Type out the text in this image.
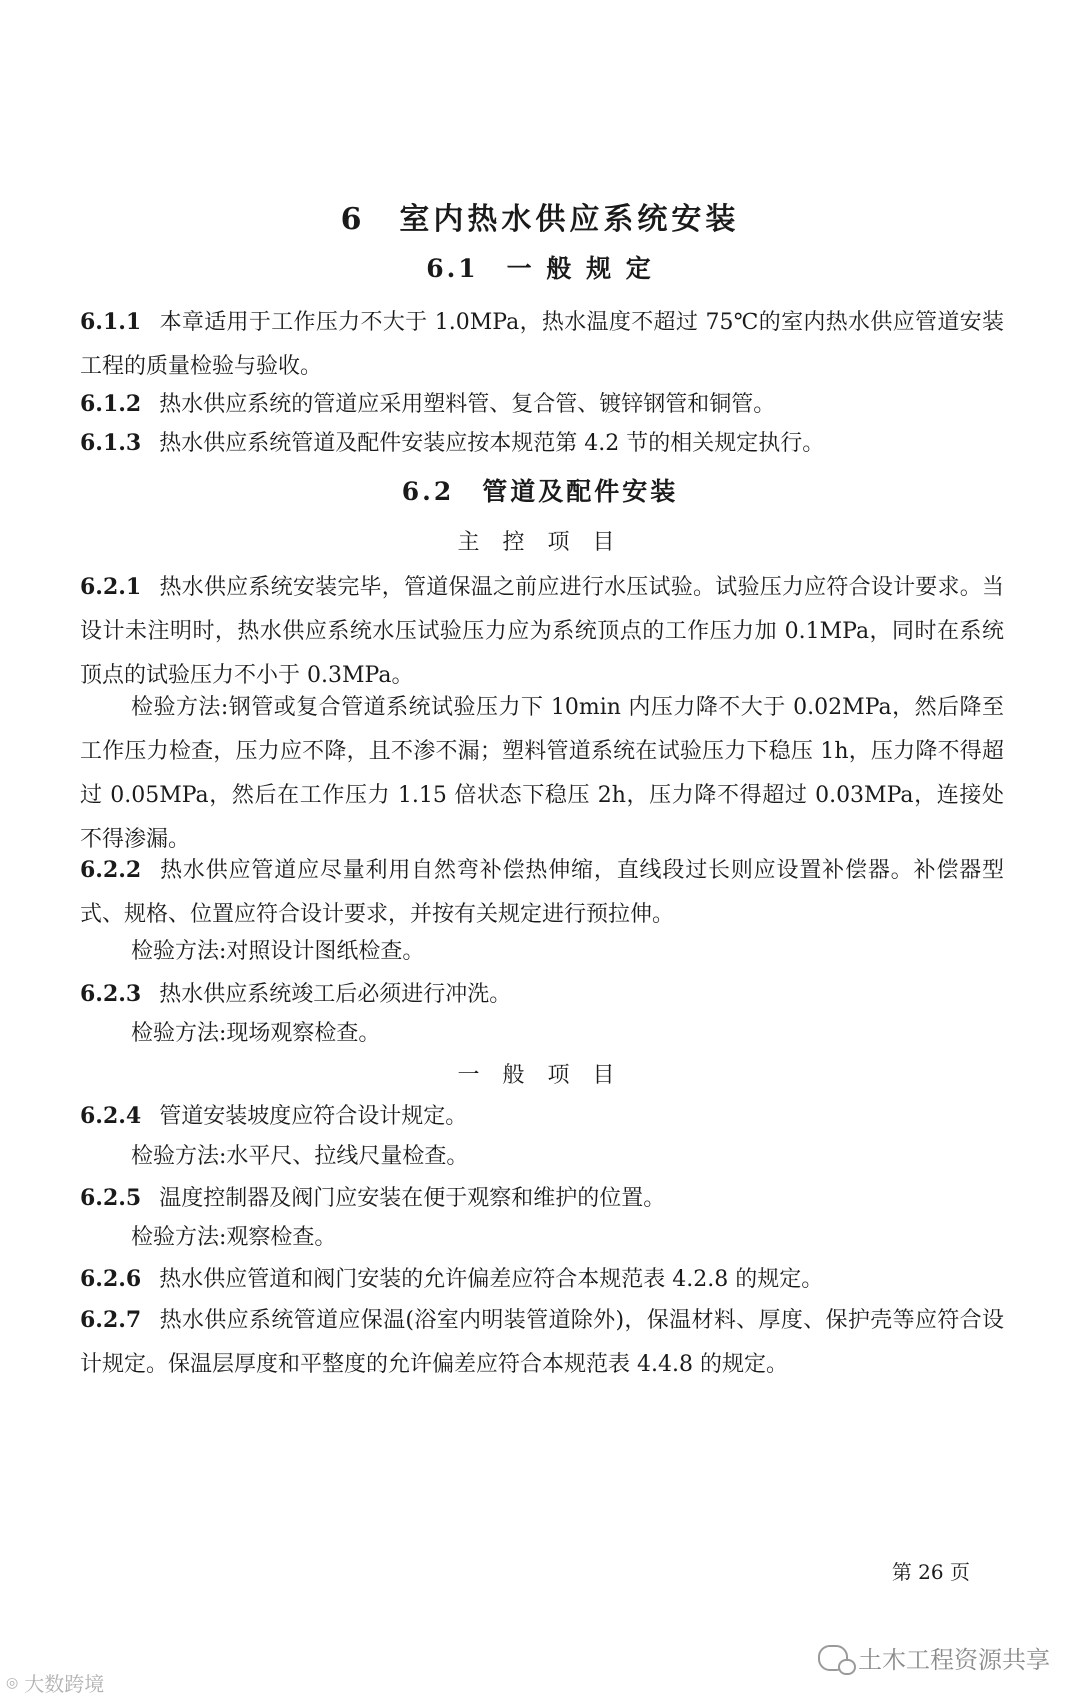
6　室内热水供应系统安装
6.1　一 般 规 定
6.1.1 本章适用于工作压力不大于 1.0MPa，热水温度不超过 75℃的室内热水供应管道安装工程的质量检验与验收。
6.1.2 热水供应系统的管道应采用塑料管、复合管、镀锌钢管和铜管。
6.1.3 热水供应系统管道及配件安装应按本规范第 4.2 节的相关规定执行。
6.2　管道及配件安装
主 控 项 目
6.2.1 热水供应系统安装完毕，管道保温之前应进行水压试验。试验压力应符合设计要求。当设计未注明时，热水供应系统水压试验压力应为系统顶点的工作压力加 0.1MPa，同时在系统顶点的试验压力不小于 0.3MPa。
检验方法:钢管或复合管道系统试验压力下 10min 内压力降不大于 0.02MPa，然后降至工作压力检查，压力应不降，且不渗不漏；塑料管道系统在试验压力下稳压 1h，压力降不得超过 0.05MPa，然后在工作压力 1.15 倍状态下稳压 2h，压力降不得超过 0.03MPa，连接处不得渗漏。
6.2.2 热水供应管道应尽量利用自然弯补偿热伸缩，直线段过长则应设置补偿器。补偿器型式、规格、位置应符合设计要求，并按有关规定进行预拉伸。
检验方法:对照设计图纸检查。
6.2.3 热水供应系统竣工后必须进行冲洗。
检验方法:现场观察检查。
一 般 项 目
6.2.4 管道安装坡度应符合设计规定。
检验方法:水平尺、拉线尺量检查。
6.2.5 温度控制器及阀门应安装在便于观察和维护的位置。
检验方法:观察检查。
6.2.6 热水供应管道和阀门安装的允许偏差应符合本规范表 4.2.8 的规定。
6.2.7 热水供应系统管道应保温(浴室内明装管道除外)，保温材料、厚度、保护壳等应符合设计规定。保温层厚度和平整度的允许偏差应符合本规范表 4.4.8 的规定。
第 26 页
土木工程资源共享
◎ 大数跨境
